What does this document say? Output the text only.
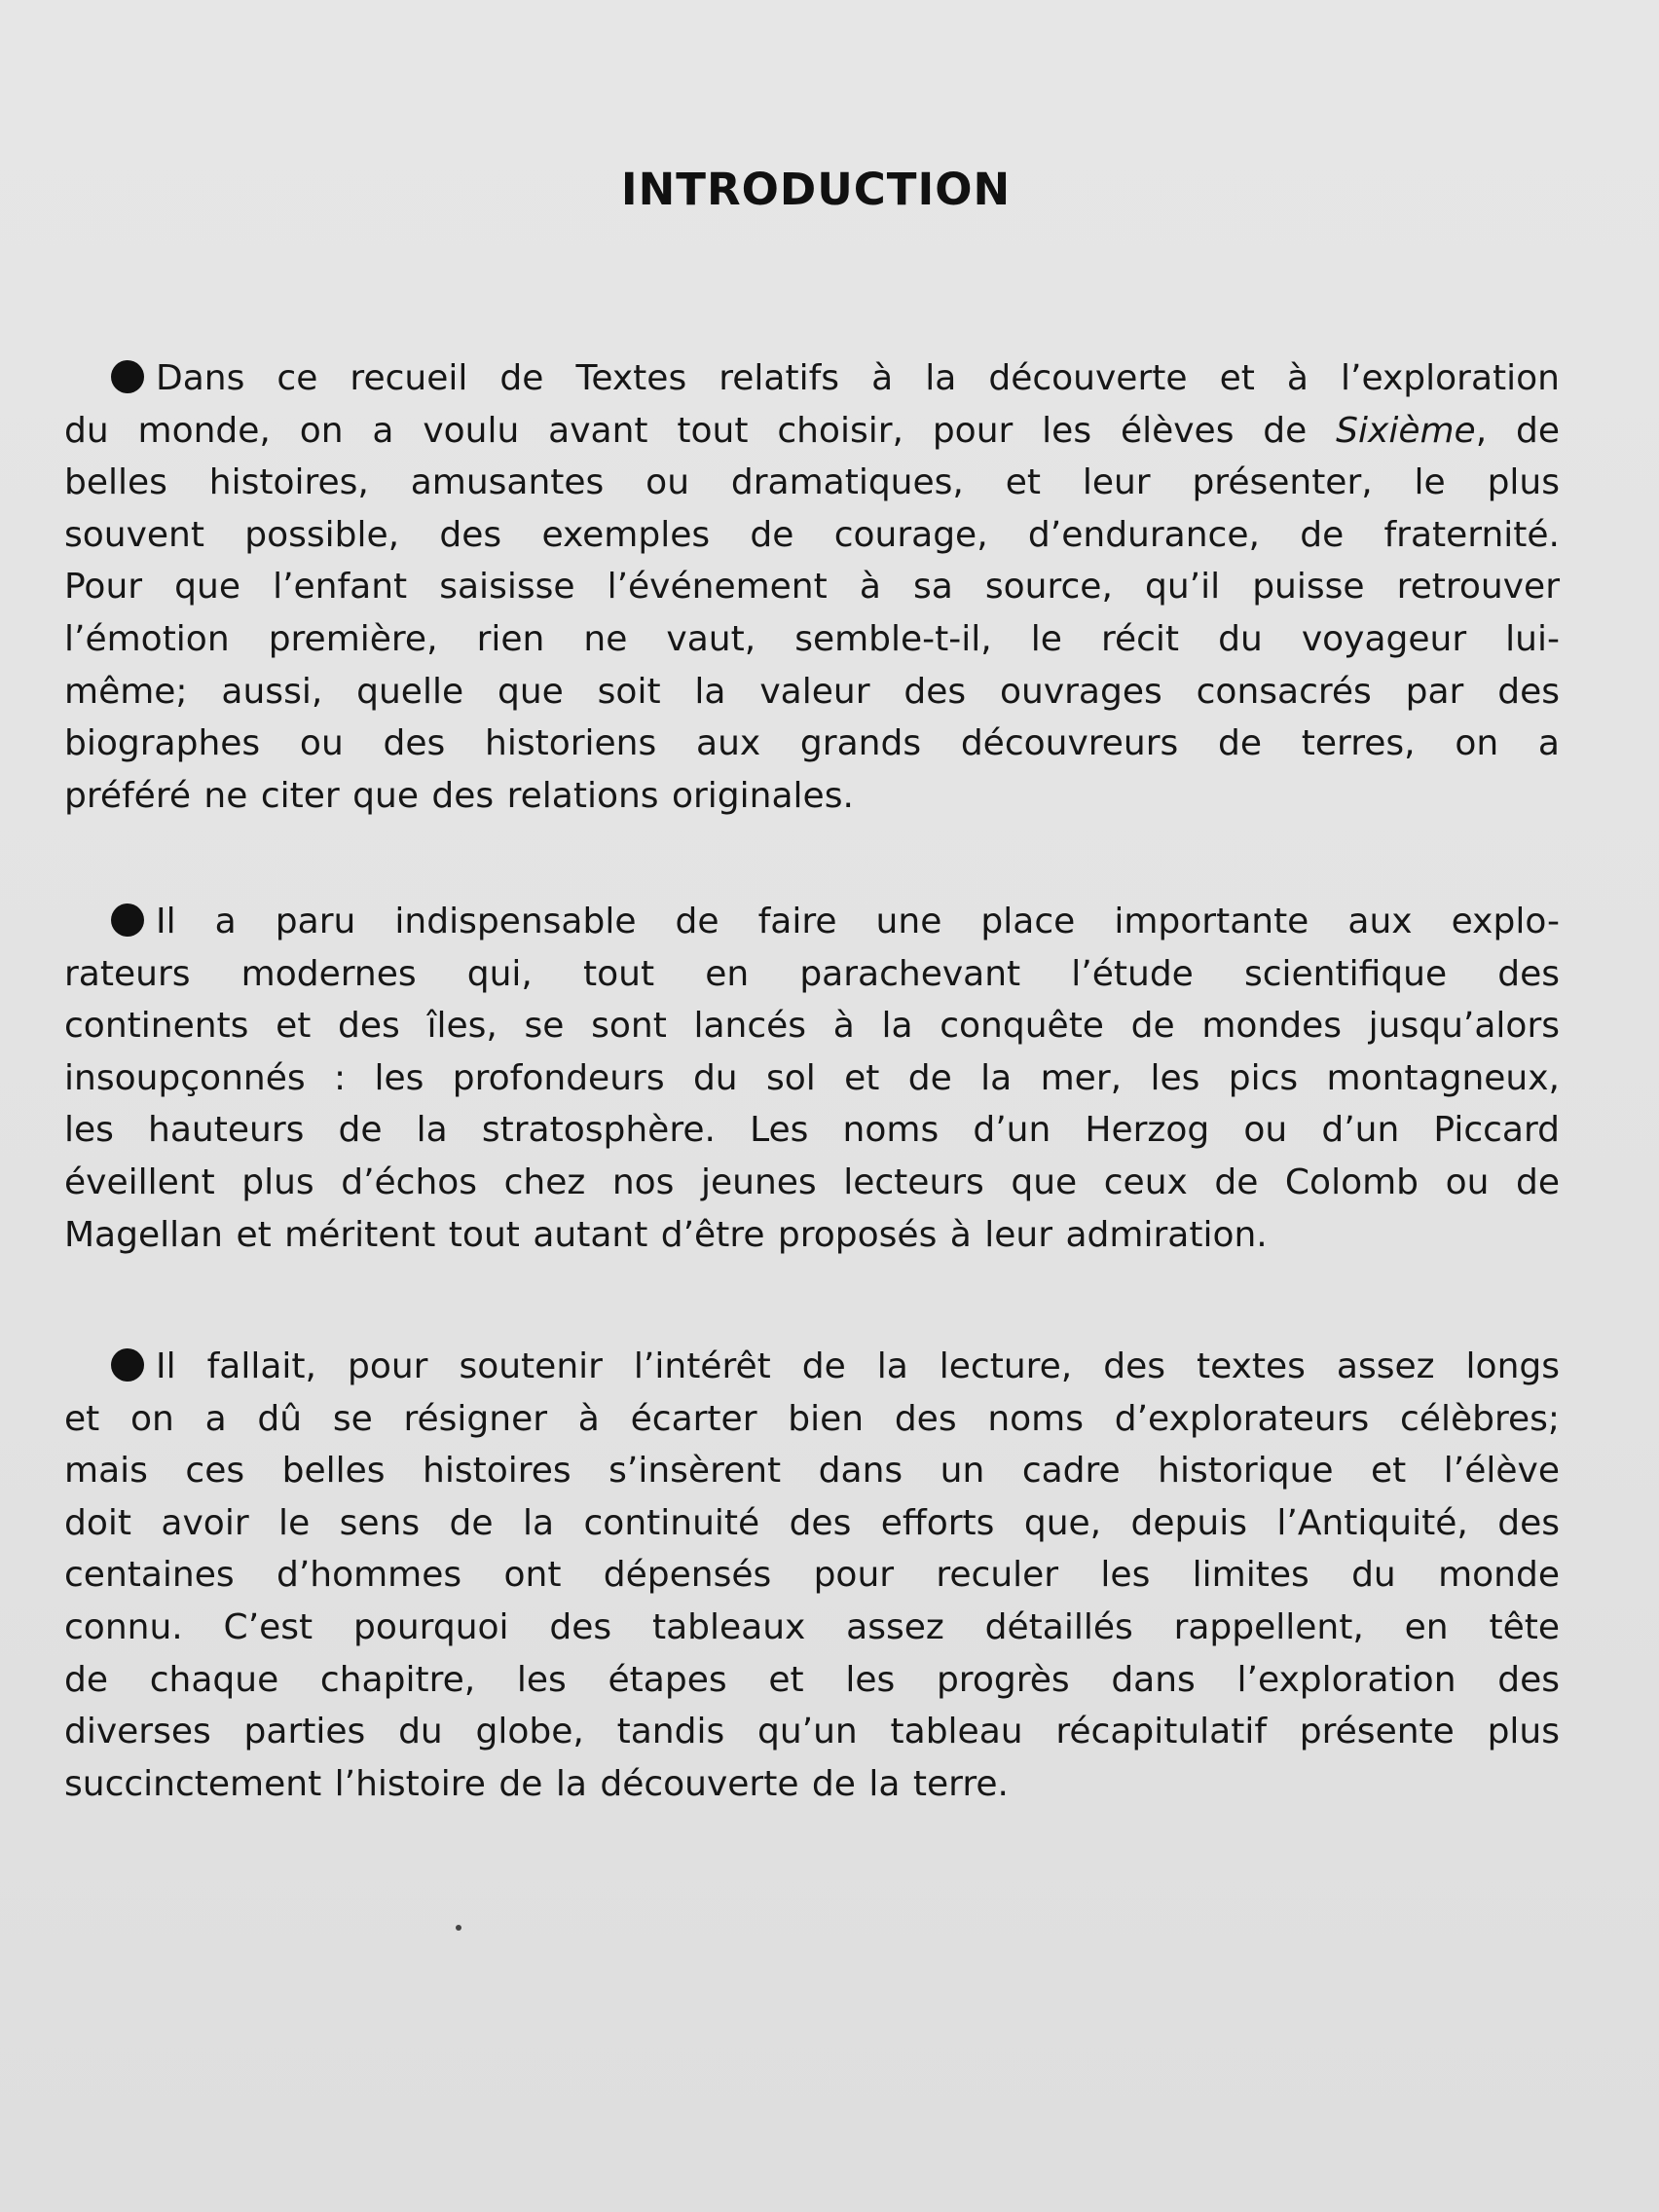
INTRODUCTION
Dans ce recueil de Textes relatifs à la découverte et à l’exploration
du monde, on a voulu avant tout choisir, pour les élèves de Sixième, de
belles histoires, amusantes ou dramatiques, et leur présenter, le plus
souvent possible, des exemples de courage, d’endurance, de fraternité.
Pour que l’enfant saisisse l’événement à sa source, qu’il puisse retrouver
l’émotion première, rien ne vaut, semble-t-il, le récit du voyageur lui-
même; aussi, quelle que soit la valeur des ouvrages consacrés par des
biographes ou des historiens aux grands découvreurs de terres, on a
préféré ne citer que des relations originales.
Il a paru indispensable de faire une place importante aux explo-
rateurs modernes qui, tout en parachevant l’étude scientifique des
continents et des îles, se sont lancés à la conquête de mondes jusqu’alors
insoupçonnés : les profondeurs du sol et de la mer, les pics montagneux,
les hauteurs de la stratosphère. Les noms d’un Herzog ou d’un Piccard
éveillent plus d’échos chez nos jeunes lecteurs que ceux de Colomb ou de
Magellan et méritent tout autant d’être proposés à leur admiration.
Il fallait, pour soutenir l’intérêt de la lecture, des textes assez longs
et on a dû se résigner à écarter bien des noms d’explorateurs célèbres;
mais ces belles histoires s’insèrent dans un cadre historique et l’élève
doit avoir le sens de la continuité des efforts que, depuis l’Antiquité, des
centaines d’hommes ont dépensés pour reculer les limites du monde
connu. C’est pourquoi des tableaux assez détaillés rappellent, en tête
de chaque chapitre, les étapes et les progrès dans l’exploration des
diverses parties du globe, tandis qu’un tableau récapitulatif présente plus
succinctement l’histoire de la découverte de la terre.
